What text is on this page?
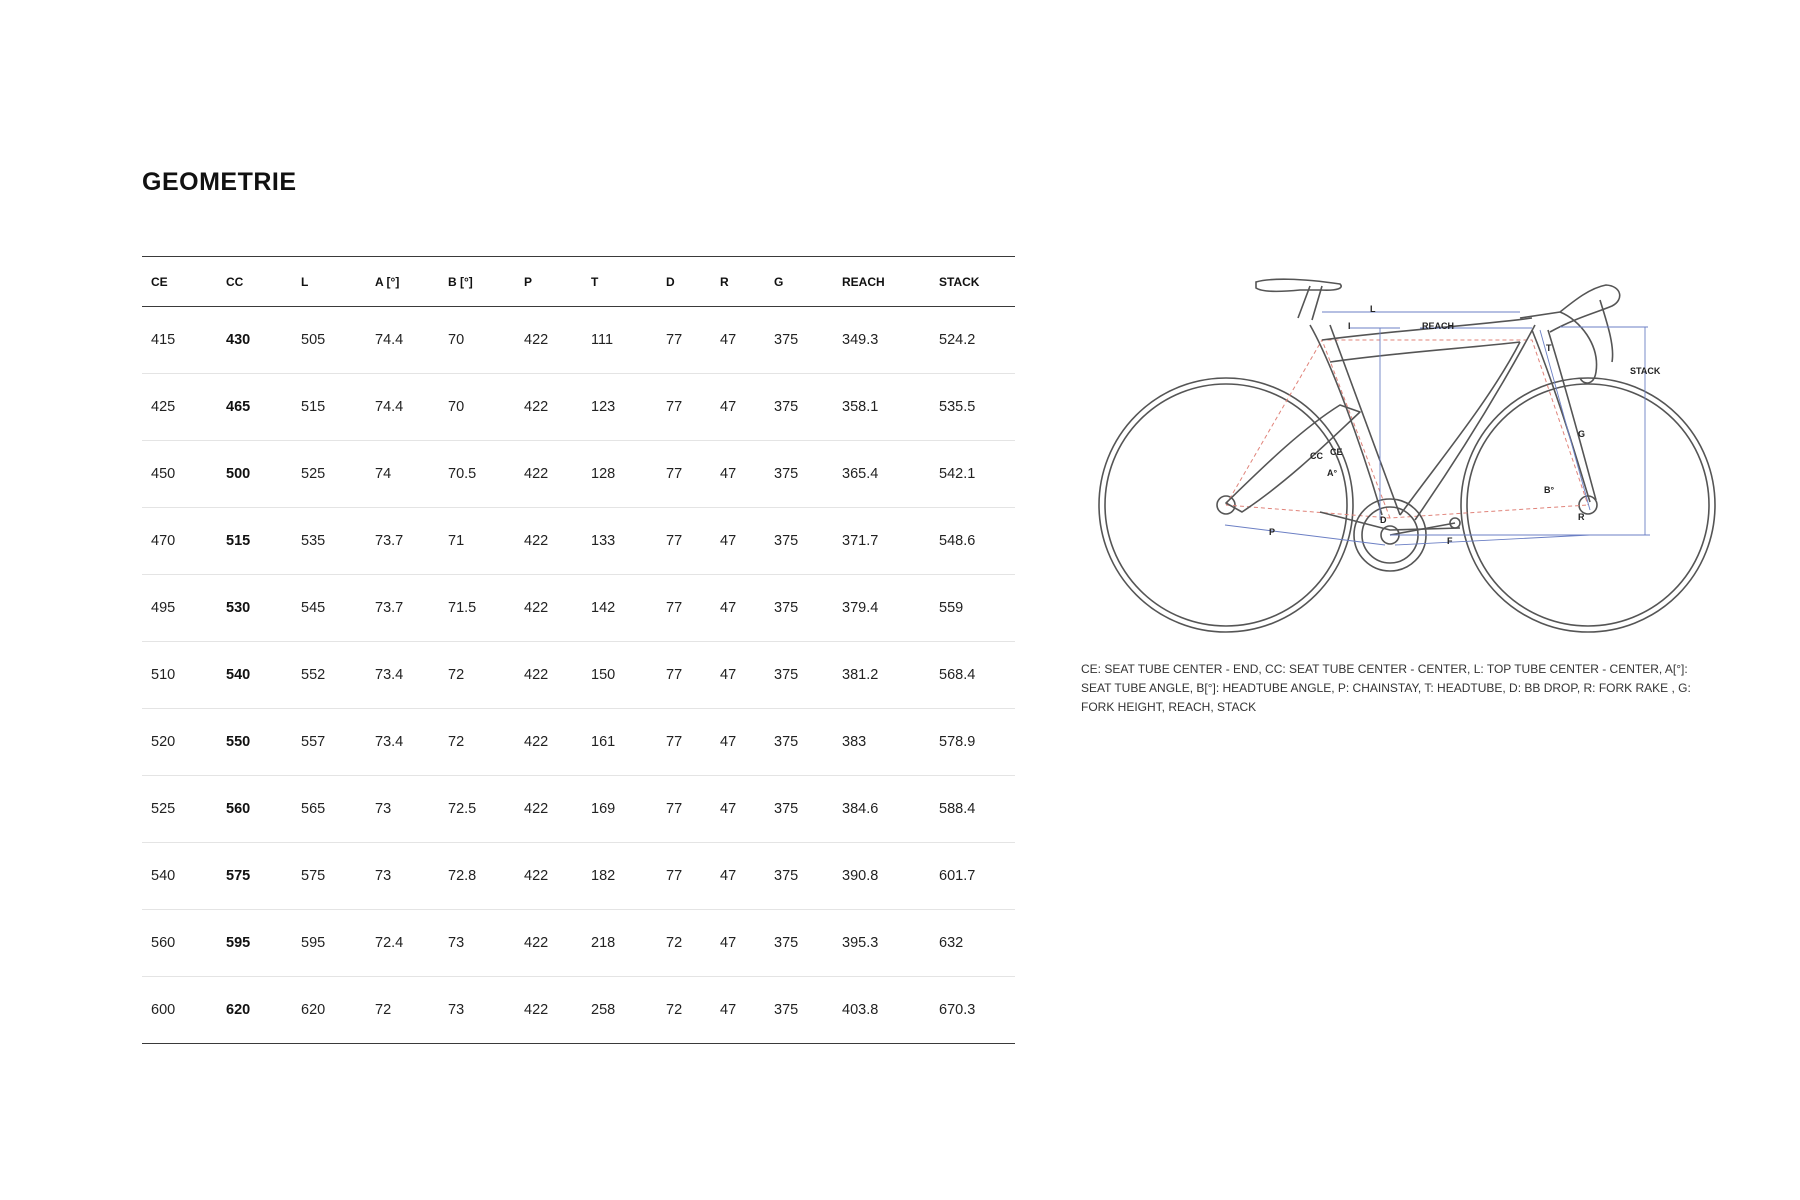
GEOMETRIE
CE	CC	L	A [°]	B [°]	P	T	D	R	G	REACH	STACK
415	430	505	74.4	70	422	111	77	47	375	349.3	524.2
425	465	515	74.4	70	422	123	77	47	375	358.1	535.5
450	500	525	74	70.5	422	128	77	47	375	365.4	542.1
470	515	535	73.7	71	422	133	77	47	375	371.7	548.6
495	530	545	73.7	71.5	422	142	77	47	375	379.4	559
510	540	552	73.4	72	422	150	77	47	375	381.2	568.4
520	550	557	73.4	72	422	161	77	47	375	383	578.9
525	560	565	73	72.5	422	169	77	47	375	384.6	588.4
540	575	575	73	72.8	422	182	77	47	375	390.8	601.7
560	595	595	72.4	73	422	218	72	47	375	395.3	632
600	620	620	72	73	422	258	72	47	375	403.8	670.3
L
I	REACH
T
STACK
G
CC CE
A°
B°
D
P
F
R

CE: SEAT TUBE CENTER - END, CC: SEAT TUBE CENTER - CENTER, L: TOP TUBE CENTER - CENTER, A[°]: SEAT TUBE ANGLE, B[°]: HEADTUBE ANGLE, P: CHAINSTAY, T: HEADTUBE, D: BB DROP, R: FORK RAKE , G: FORK HEIGHT, REACH, STACK
